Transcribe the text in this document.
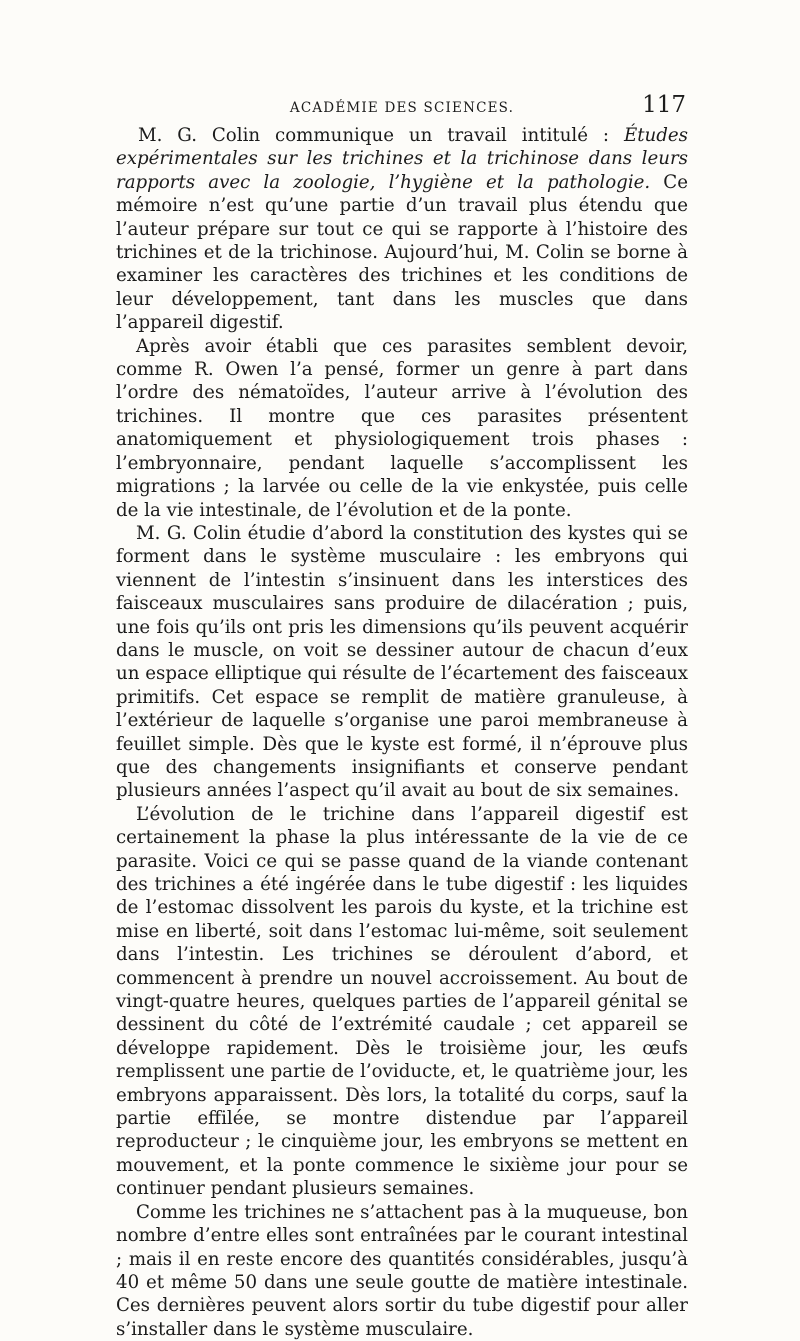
ACADÉMIE DES SCIENCES.	117

M. G. Colin communique un travail intitulé : Études expérimentales sur les trichines et la trichinose dans leurs rapports avec la zoologie, l’hygiène et la pathologie. Ce mémoire n’est qu’une partie d’un travail plus étendu que l’auteur prépare sur tout ce qui se rapporte à l’histoire des trichines et de la trichinose. Aujourd’hui, M. Colin se borne à examiner les caractères des trichines et les conditions de leur développement, tant dans les muscles que dans l’appareil digestif.

Après avoir établi que ces parasites semblent devoir, comme R. Owen l’a pensé, former un genre à part dans l’ordre des nématoïdes, l’auteur arrive à l’évolution des trichines. Il montre que ces parasites présentent anatomiquement et physiologiquement trois phases : l’embryonnaire, pendant laquelle s’accomplissent les migrations ; la larvée ou celle de la vie enkystée, puis celle de la vie intestinale, de l’évolution et de la ponte.

M. G. Colin étudie d’abord la constitution des kystes qui se forment dans le système musculaire : les embryons qui viennent de l’intestin s’insinuent dans les interstices des faisceaux musculaires sans produire de dilacération ; puis, une fois qu’ils ont pris les dimensions qu’ils peuvent acquérir dans le muscle, on voit se dessiner autour de chacun d’eux un espace elliptique qui résulte de l’écartement des faisceaux primitifs. Cet espace se remplit de matière granuleuse, à l’extérieur de laquelle s’organise une paroi membraneuse à feuillet simple. Dès que le kyste est formé, il n’éprouve plus que des changements insignifiants et conserve pendant plusieurs années l’aspect qu’il avait au bout de six semaines.

L’évolution de le trichine dans l’appareil digestif est certainement la phase la plus intéressante de la vie de ce parasite. Voici ce qui se passe quand de la viande contenant des trichines a été ingérée dans le tube digestif : les liquides de l’estomac dissolvent les parois du kyste, et la trichine est mise en liberté, soit dans l’estomac lui-même, soit seulement dans l’intestin. Les trichines se déroulent d’abord, et commencent à prendre un nouvel accroissement. Au bout de vingt-quatre heures, quelques parties de l’appareil génital se dessinent du côté de l’extrémité caudale ; cet appareil se développe rapidement. Dès le troisième jour, les œufs remplissent une partie de l’oviducte, et, le quatrième jour, les embryons apparaissent. Dès lors, la totalité du corps, sauf la partie effilée, se montre distendue par l’appareil reproducteur ; le cinquième jour, les embryons se mettent en mouvement, et la ponte commence le sixième jour pour se continuer pendant plusieurs semaines.

Comme les trichines ne s’attachent pas à la muqueuse, bon nombre d’entre elles sont entraînées par le courant intestinal ; mais il en reste encore des quantités considérables, jusqu’à 40 et même 50 dans une seule goutte de matière intestinale. Ces dernières peuvent alors sortir du tube digestif pour aller s’installer dans le système musculaire.
